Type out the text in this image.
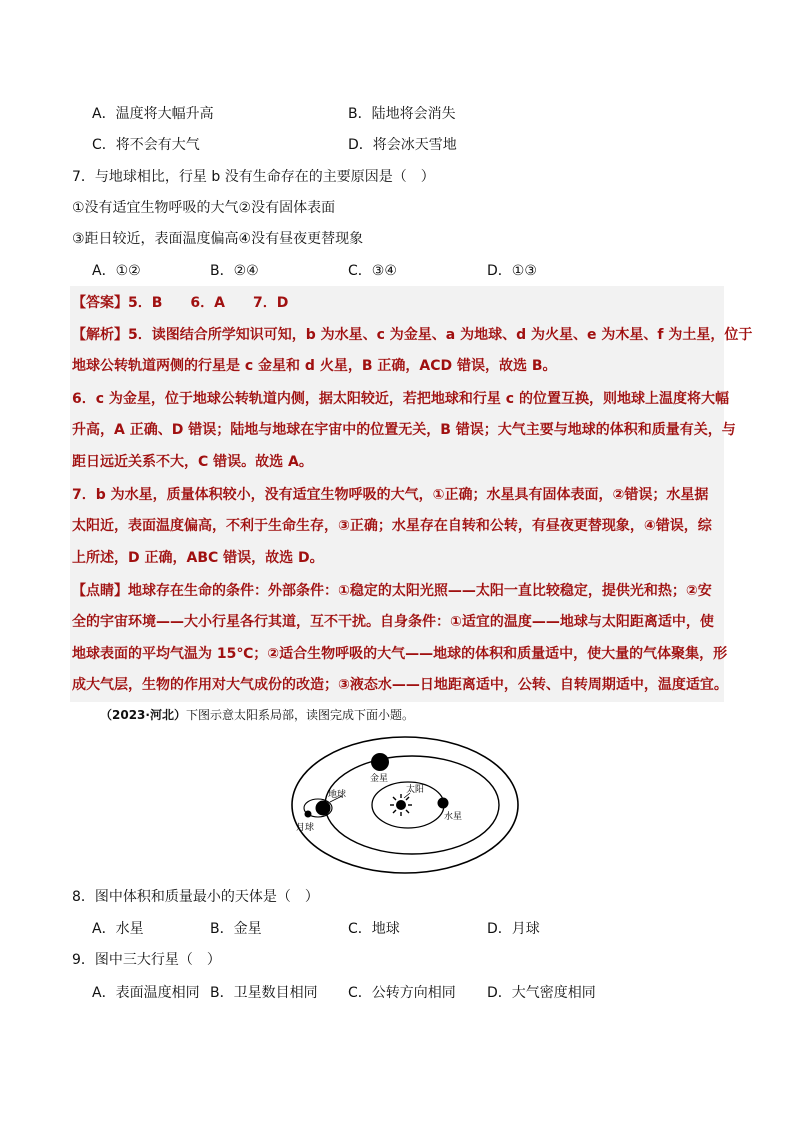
A．温度将大幅升高	B．陆地将会消失
C．将不会有大气	D．将会冰天雪地
7．与地球相比，行星 b 没有生命存在的主要原因是（　）
①没有适宜生物呼吸的大气②没有固体表面
③距日较近，表面温度偏高④没有昼夜更替现象
A．①②	B．②④	C．③④	D．①③
【答案】5．B　　6．A　　7．D
【解析】5．读图结合所学知识可知，b 为水星、c 为金星、a 为地球、d 为火星、e 为木星、f 为土星，位于
地球公转轨道两侧的行星是 c 金星和 d 火星，B 正确，ACD 错误，故选 B。
6．c 为金星，位于地球公转轨道内侧，据太阳较近，若把地球和行星 c 的位置互换，则地球上温度将大幅
升高，A 正确、D 错误；陆地与地球在宇宙中的位置无关，B 错误；大气主要与地球的体积和质量有关，与
距日远近关系不大，C 错误。故选 A。
7．b 为水星，质量体积较小，没有适宜生物呼吸的大气，①正确；水星具有固体表面，②错误；水星据
太阳近，表面温度偏高，不利于生命生存，③正确；水星存在自转和公转，有昼夜更替现象，④错误，综
上所述，D 正确，ABC 错误，故选 D。
【点睛】地球存在生命的条件：外部条件：①稳定的太阳光照——太阳一直比较稳定，提供光和热；②安
全的宇宙环境——大小行星各行其道，互不干扰。自身条件：①适宜的温度——地球与太阳距离适中，使
地球表面的平均气温为 15℃；②适合生物呼吸的大气——地球的体积和质量适中，使大量的气体聚集，形
成大气层，生物的作用对大气成份的改造；③液态水——日地距离适中，公转、自转周期适中，温度适宜。
（2023·河北）下图示意太阳系局部，读图完成下面小题。
金星
地球
月球
太阳
水星
8．图中体积和质量最小的天体是（　）
A．水星	B．金星	C．地球	D．月球
9．图中三大行星（　）
A．表面温度相同 B．卫星数目相同 C．公转方向相同 D．大气密度相同
